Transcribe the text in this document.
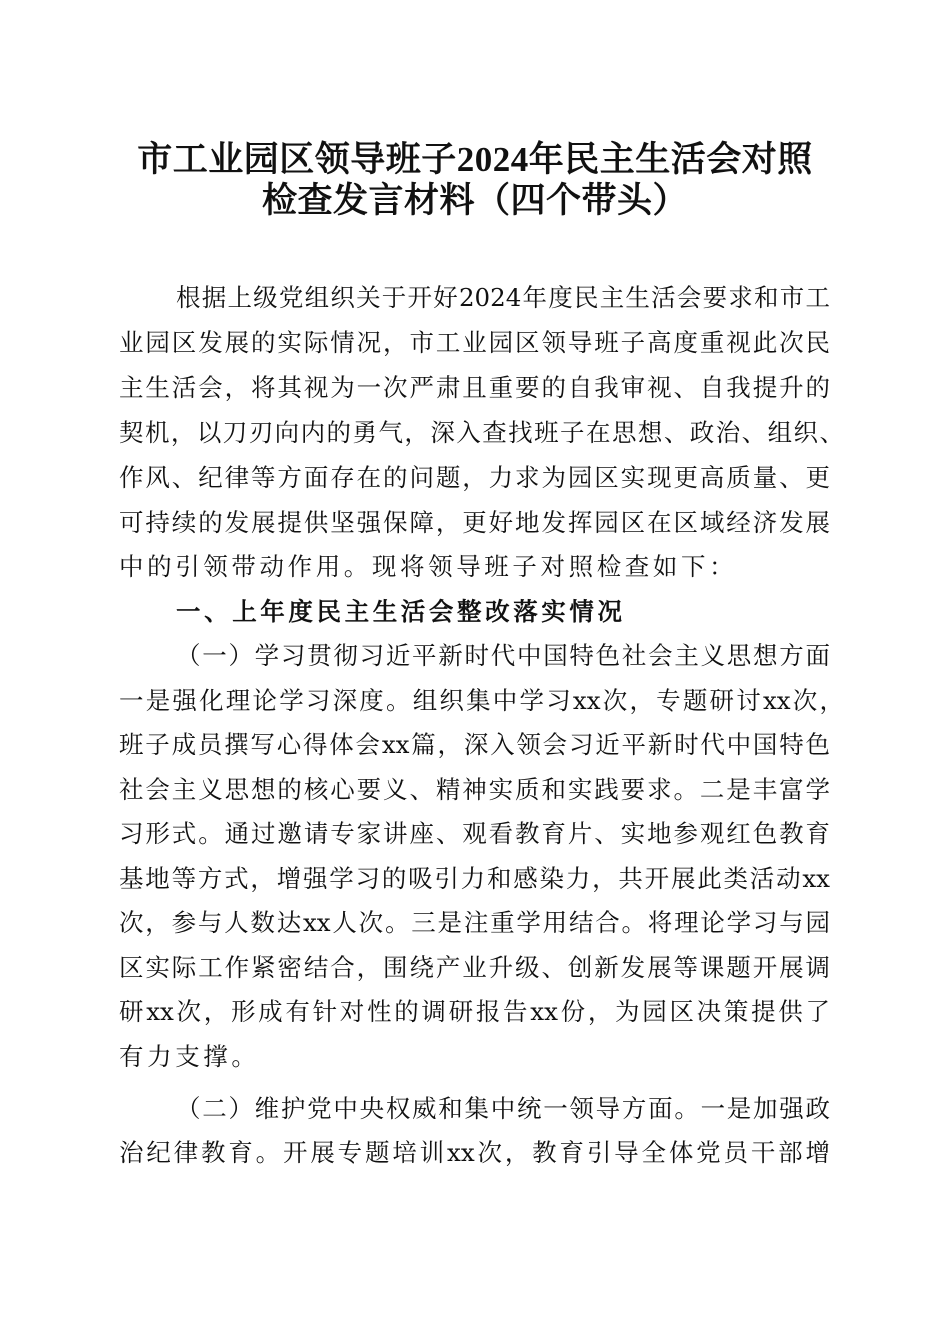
市工业园区领导班子2024年民主生活会对照
检查发言材料（四个带头）
根据上级党组织关于开好2024年度民主生活会要求和市工
业园区发展的实际情况，市工业园区领导班子高度重视此次民
主生活会，将其视为一次严肃且重要的自我审视、自我提升的
契机，以刀刃向内的勇气，深入查找班子在思想、政治、组织、
作风、纪律等方面存在的问题，力求为园区实现更高质量、更
可持续的发展提供坚强保障，更好地发挥园区在区域经济发展
中的引领带动作用。现将领导班子对照检查如下：
一、上年度民主生活会整改落实情况
（一）学习贯彻习近平新时代中国特色社会主义思想方面
一是强化理论学习深度。组织集中学习xx次，专题研讨xx次，
班子成员撰写心得体会xx篇，深入领会习近平新时代中国特色
社会主义思想的核心要义、精神实质和实践要求。二是丰富学
习形式。通过邀请专家讲座、观看教育片、实地参观红色教育
基地等方式，增强学习的吸引力和感染力，共开展此类活动xx
次，参与人数达xx人次。三是注重学用结合。将理论学习与园
区实际工作紧密结合，围绕产业升级、创新发展等课题开展调
研xx次，形成有针对性的调研报告xx份，为园区决策提供了
有力支撑。
（二）维护党中央权威和集中统一领导方面。一是加强政
治纪律教育。开展专题培训xx次，教育引导全体党员干部增
